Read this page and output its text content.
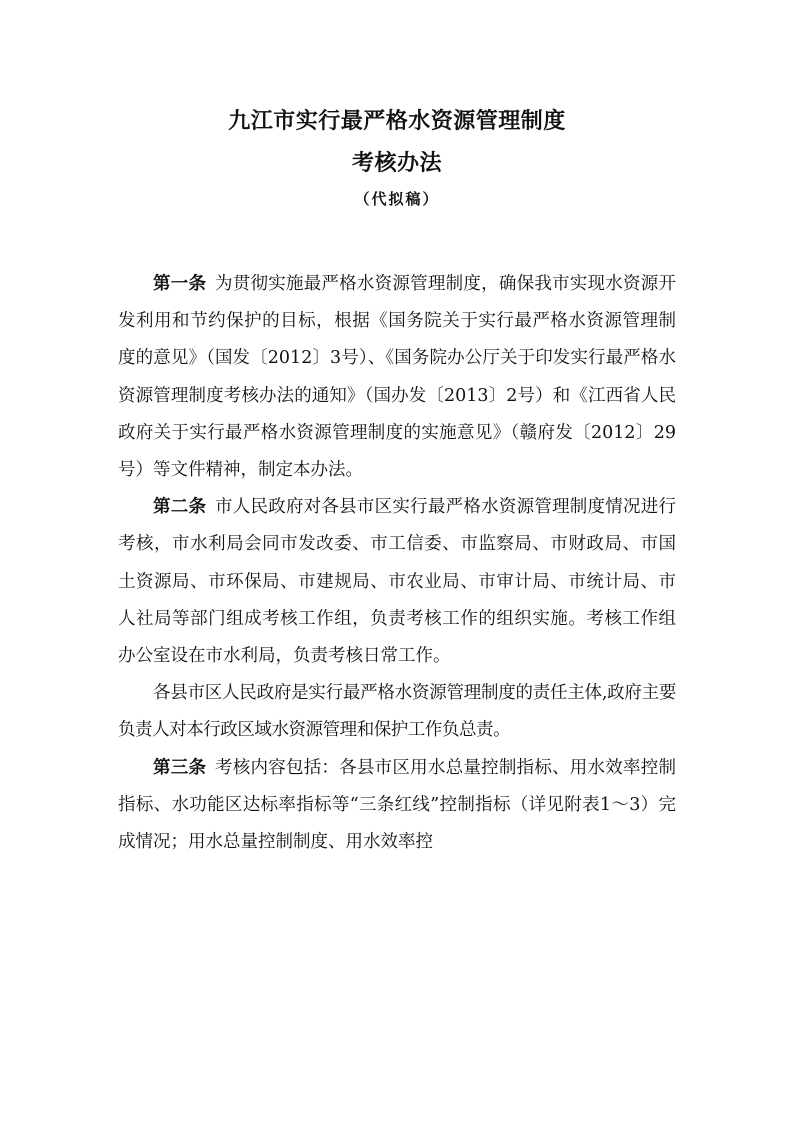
九江市实行最严格水资源管理制度
考核办法
（代拟稿）

第一条 为贯彻实施最严格水资源管理制度，确保我市实现水资源开发利用和节约保护的目标，根据《国务院关于实行最严格水资源管理制度的意见》（国发〔2012〕3号）、《国务院办公厅关于印发实行最严格水资源管理制度考核办法的通知》（国办发〔2013〕2号）和《江西省人民政府关于实行最严格水资源管理制度的实施意见》（赣府发〔2012〕29号）等文件精神，制定本办法。

第二条 市人民政府对各县市区实行最严格水资源管理制度情况进行考核，市水利局会同市发改委、市工信委、市监察局、市财政局、市国土资源局、市环保局、市建规局、市农业局、市审计局、市统计局、市人社局等部门组成考核工作组，负责考核工作的组织实施。考核工作组办公室设在市水利局，负责考核日常工作。

各县市区人民政府是实行最严格水资源管理制度的责任主体,政府主要负责人对本行政区域水资源管理和保护工作负总责。

第三条 考核内容包括：各县市区用水总量控制指标、用水效率控制指标、水功能区达标率指标等“三条红线”控制指标（详见附表1～3）完成情况；用水总量控制制度、用水效率控
